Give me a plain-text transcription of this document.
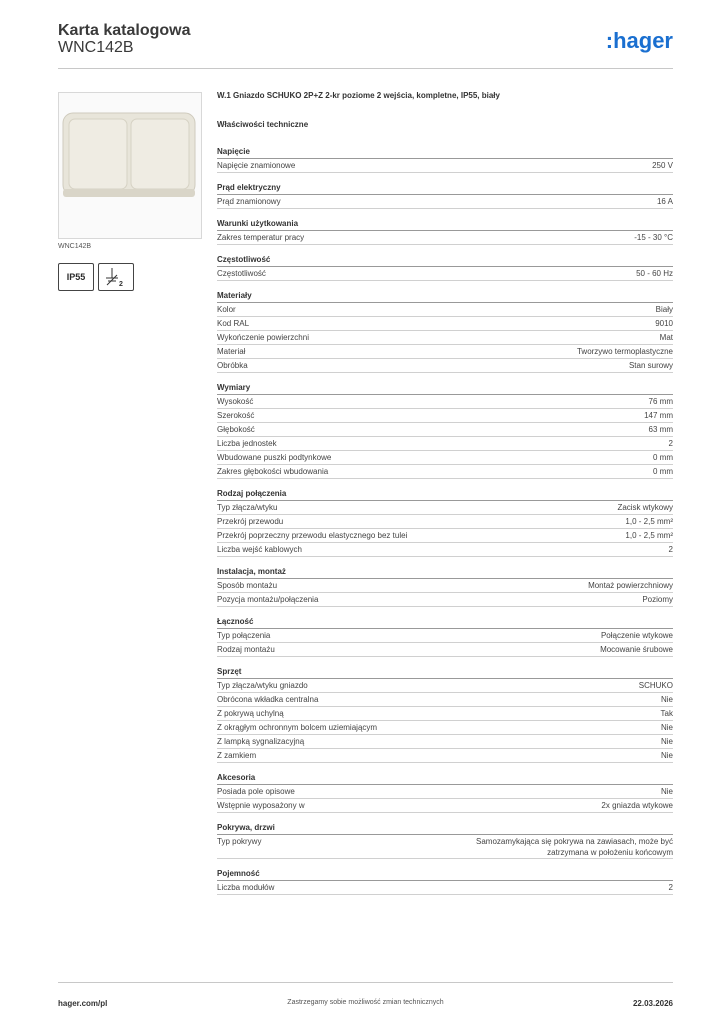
Karta katalogowa
WNC142B	:hager
WNC142B
IP55
2
W.1 Gniazdo SCHUKO 2P+Z 2-kr poziome 2 wejścia, kompletne, IP55, biały
Właściwości techniczne
Napięcie
Napięcie znamionowe	250 V
Prąd elektryczny
Prąd znamionowy	16 A
Warunki użytkowania
Zakres temperatur pracy	-15 - 30 °C
Częstotliwość
Częstotliwość	50 - 60 Hz
Materiały
Kolor	Biały
Kod RAL	9010
Wykończenie powierzchni	Mat
Materiał	Tworzywo termoplastyczne
Obróbka	Stan surowy
Wymiary
Wysokość	76 mm
Szerokość	147 mm
Głębokość	63 mm
Liczba jednostek	2
Wbudowane puszki podtynkowe	0 mm
Zakres głębokości wbudowania	0 mm
Rodzaj połączenia
Typ złącza/wtyku	Zacisk wtykowy
Przekrój przewodu	1,0 - 2,5 mm²
Przekrój poprzeczny przewodu elastycznego bez tulei	1,0 - 2,5 mm²
Liczba wejść kablowych	2
Instalacja, montaż
Sposób montażu	Montaż powierzchniowy
Pozycja montażu/połączenia	Poziomy
Łączność
Typ połączenia	Połączenie wtykowe
Rodzaj montażu	Mocowanie śrubowe
Sprzęt
Typ złącza/wtyku gniazdo	SCHUKO
Obrócona wkładka centralna	Nie
Z pokrywą uchylną	Tak
Z okrągłym ochronnym bolcem uziemiającym	Nie
Z lampką sygnalizacyjną	Nie
Z zamkiem	Nie
Akcesoria
Posiada pole opisowe	Nie
Wstępnie wyposażony w	2x gniazda wtykowe
Pokrywa, drzwi
Typ pokrywy	Samozamykająca się pokrywa na zawiasach, może być zatrzymana w położeniu końcowym
Pojemność
Liczba modułów	2
hager.com/pl	Zastrzegamy sobie możliwość zmian technicznych	22.03.2026
